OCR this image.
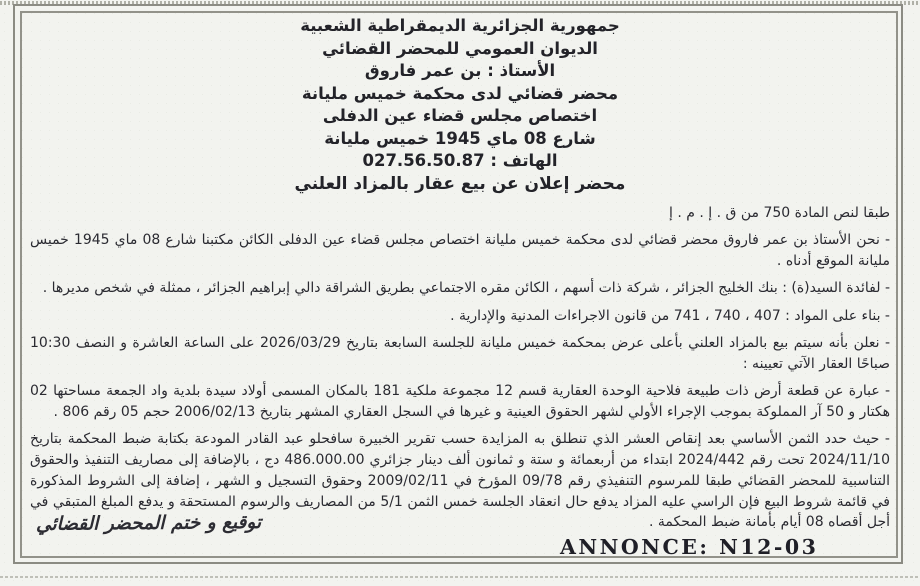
جمهورية الجزائرية الديمقراطية الشعبية
الديوان العمومي للمحضر القضائي
الأستاذ : بن عمر فاروق
محضر قضائي لدى محكمة خميس مليانة
اختصاص مجلس قضاء عين الدفلى
شارع 08 ماي 1945 خميس مليانة
الهاتف : 027.56.50.87
محضر إعلان عن بيع عقار بالمزاد العلني

طبقا لنص المادة 750 من ق . إ . م . إ

- نحن الأستاذ بن عمر فاروق محضر قضائي لدى محكمة خميس مليانة اختصاص مجلس قضاء عين الدفلى الكائن مكتبنا شارع 08 ماي 1945 خميس مليانة الموقع أدناه .

- لفائدة السيد(ة) : بنك الخليج الجزائر ، شركة ذات أسهم ، الكائن مقره الاجتماعي بطريق الشراقة دالي إبراهيم الجزائر ، ممثلة في شخص مديرها .

- بناء على المواد : 407 ، 740 ، 741 من قانون الاجراءات المدنية والإدارية .

- نعلن بأنه سيتم بيع بالمزاد العلني بأعلى عرض بمحكمة خميس مليانة للجلسة السابعة بتاريخ 2026/03/29 على الساعة العاشرة و النصف 10:30 صباحًا العقار الآتي تعيينه :

- عبارة عن قطعة أرض ذات طبيعة فلاحية الوحدة العقارية قسم 12 مجموعة ملكية 181 بالمكان المسمى أولاد سيدة بلدية واد الجمعة مساحتها 02 هكتار و 50 آر المملوكة بموجب الإجراء الأولي لشهر الحقوق العينية و غيرها في السجل العقاري المشهر بتاريخ 2006/02/13 حجم 05 رقم 806 .

- حيث حدد الثمن الأساسي بعد إنقاص العشر الذي تنطلق به المزايدة حسب تقرير الخبيرة سافحلو عبد القادر المودعة بكتابة ضبط المحكمة بتاريخ 2024/11/10 تحت رقم 2024/442 ابتداء من أربعمائة و ستة و ثمانون ألف دينار جزائري 486.000.00 دج ، بالإضافة إلى مصاريف التنفيذ والحقوق التناسبية للمحضر القضائي طبقا للمرسوم التنفيذي رقم 09/78 المؤرخ في 2009/02/11 وحقوق التسجيل و الشهر ، إضافة إلى الشروط المذكورة في قائمة شروط البيع فإن الراسي عليه المزاد يدفع حال انعقاد الجلسة خمس الثمن 5/1 من المصاريف والرسوم المستحقة و يدفع المبلغ المتبقي في أجل أقصاه 08 أيام بأمانة ضبط المحكمة .

توقيع و ختم المحضر القضائي
ANNONCE: N12-03
